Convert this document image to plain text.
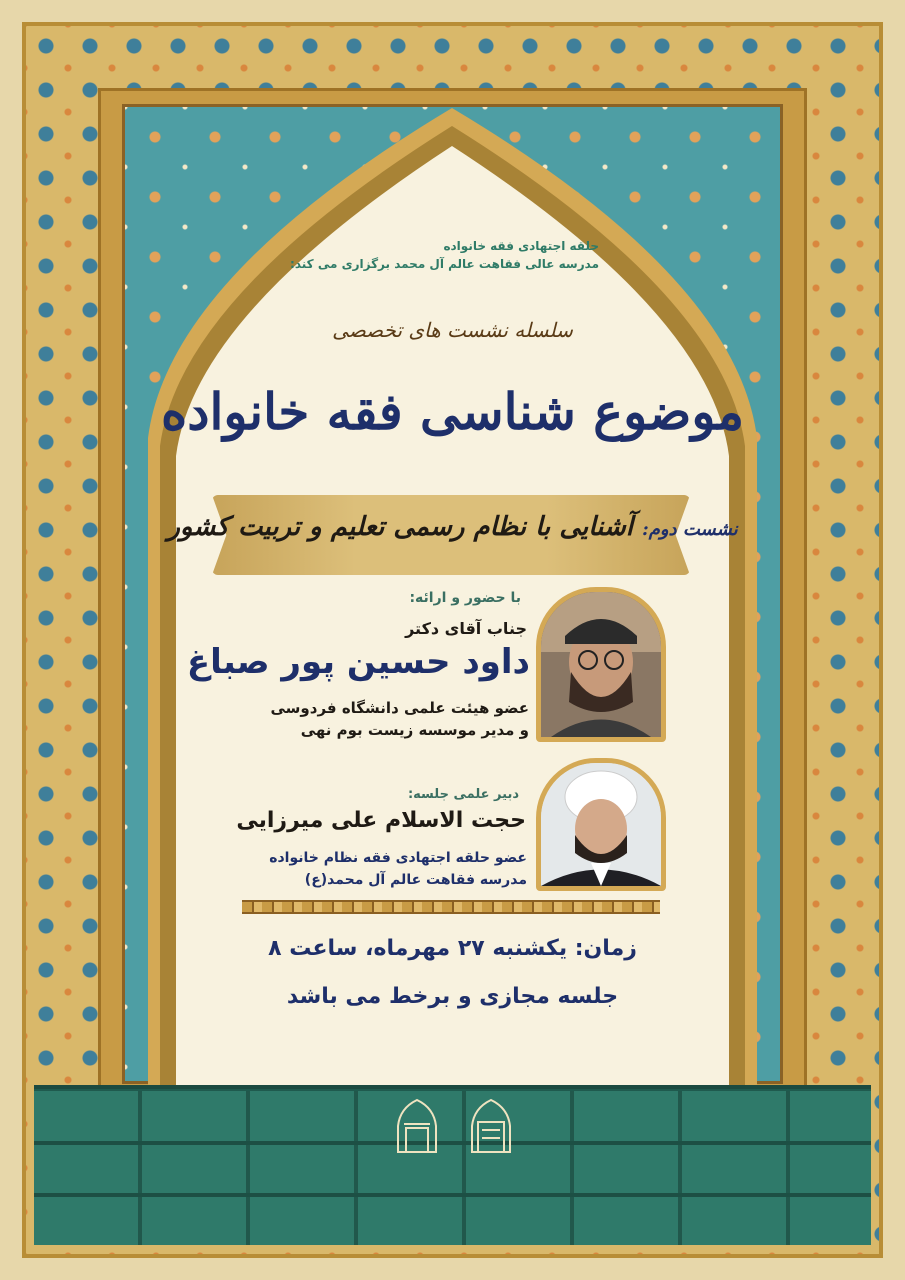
حلقه اجتهادی فقه خانواده
مدرسه عالی فقاهت عالم آل محمد برگزاری می کند:
سلسله نشست های تخصصی
موضوع شناسی فقه خانواده
نشست دوم: آشنایی با نظام رسمی تعلیم و تربیت کشور
با حضور و ارائه:
جناب آقای دکتر
داود حسین پور صباغ
عضو هیئت علمی دانشگاه فردوسی
و مدیر موسسه زیست بوم نهی
دبیر علمی جلسه:
حجت الاسلام علی میرزایی
عضو حلقه اجتهادی فقه نظام خانواده
مدرسه فقاهت عالم آل محمد(ع)
زمان: یکشنبه ۲۷ مهرماه، ساعت ۸
جلسه مجازی و برخط می باشد
